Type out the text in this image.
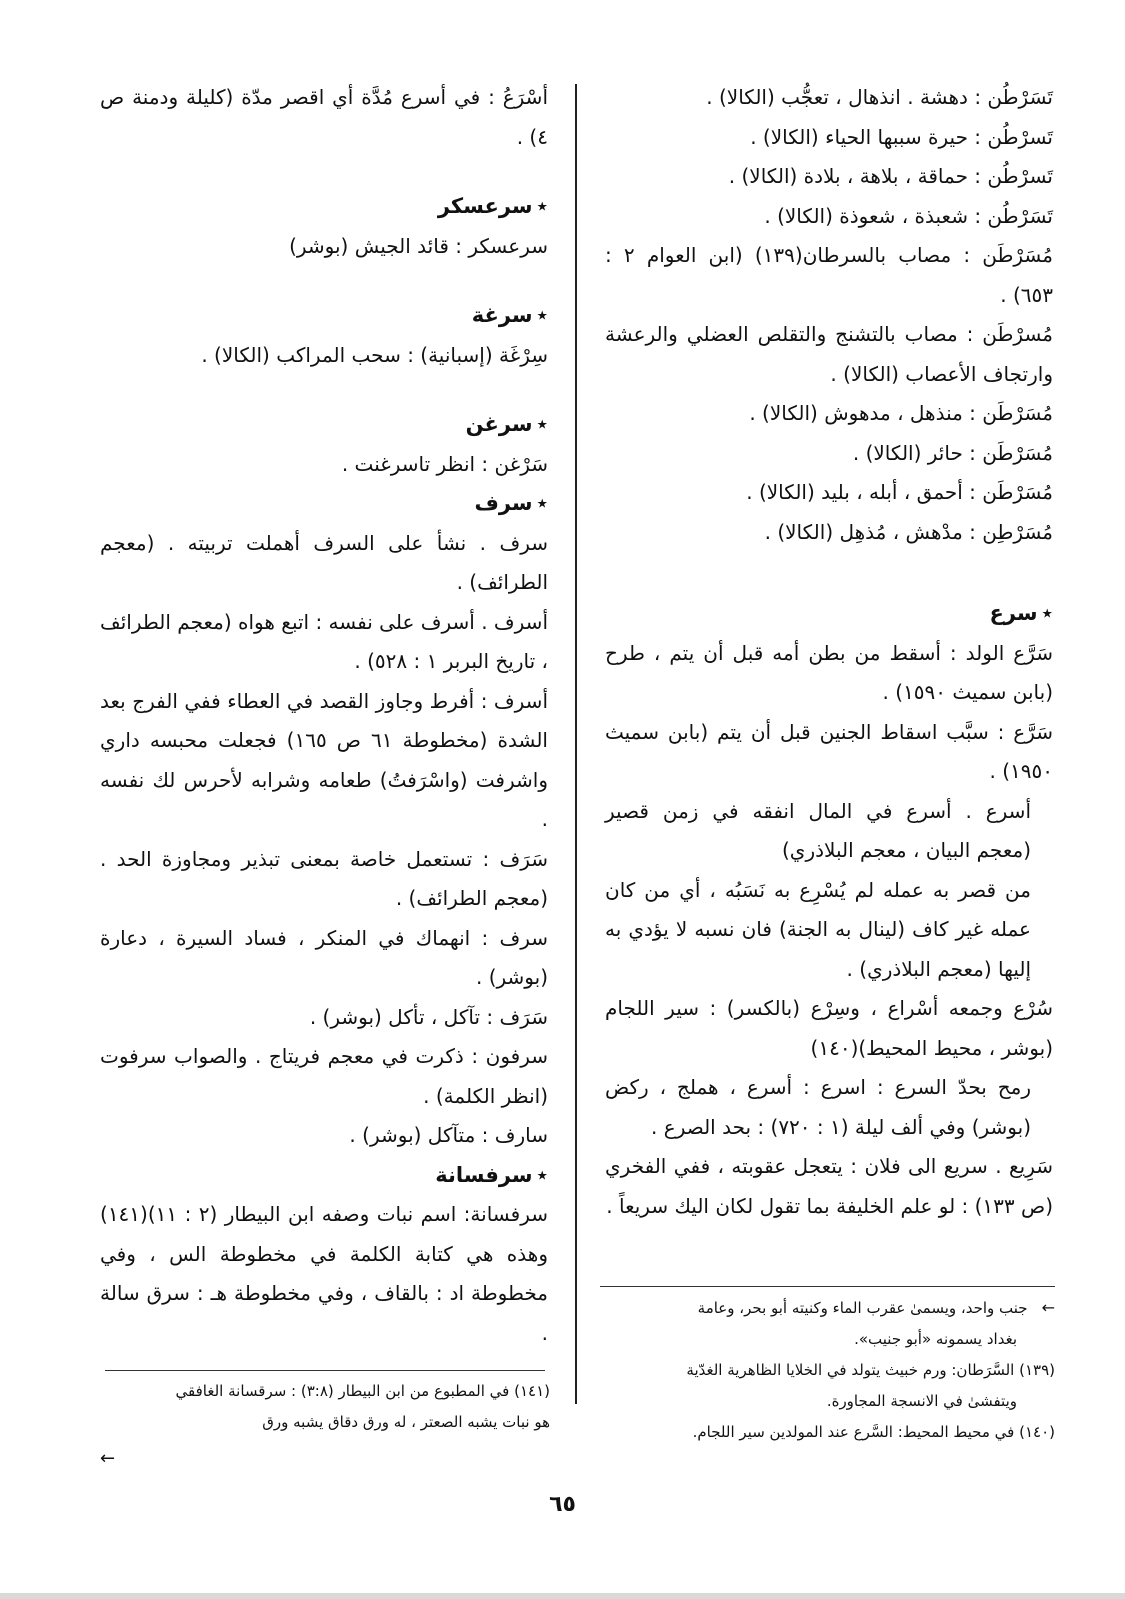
تَسَرْطُن : دهشة . انذهال ، تعجُّب (الكالا) .

تَسرْطُن : حيرة سببها الحياء (الكالا) .

تَسرْطُن : حماقة ، بلاهة ، بلادة (الكالا) .

تَسَرْطُن : شعبذة ، شعوذة (الكالا) .

مُسَرْطَن : مصاب بالسرطان(١٣٩) (ابن العوام ٢ : ٦٥٣) .

مُسرْطَن : مصاب بالتشنج والتقلص العضلي والرعشة وارتجاف الأعصاب (الكالا) .

مُسَرْطَن : منذهل ، مدهوش (الكالا) .

مُسَرْطَن : حائر (الكالا) .

مُسَرْطَن : أحمق ، أبله ، بليد (الكالا) .

مُسَرْطِن : مدْهش ، مُذهِل (الكالا) .

٭سرع

سَرَّع الولد : أسقط من بطن أمه قبل أن يتم ، طرح (بابن سميث ١٥٩٠) .

سَرَّع : سبَّب اسقاط الجنين قبل أن يتم (بابن سميث ١٩٥٠) .

أسرع . أسرع في المال انفقه في زمن قصير (معجم البيان ، معجم البلاذري)

من قصر به عمله لم يُسْرِع به نَسَبُه ، أي من كان عمله غير كاف (لينال به الجنة) فان نسبه لا يؤدي به إليها (معجم البلاذري) .

سُرْع وجمعه أسْراع ، وسِرْع (بالكسر) : سير اللجام (بوشر ، محيط المحيط)(١٤٠)

رمح بحدّ السرع : اسرع : أسرع ، هملج ، ركض (بوشر) وفي ألف ليلة (١ : ٧٢٠) : بحد الصرع .

سَرِيع . سريع الى فلان : يتعجل عقوبته ، ففي الفخري (ص ١٣٣) : لو علم الخليفة بما تقول لكان اليك سريعاً .

أسْرَعُ : في أسرع مُدَّة أي اقصر مدّة (كليلة ودمنة ص ٤) .

٭سرعسكر

سرعسكر : قائد الجيش (بوشر)

٭سرغة

سِرْغَة (إسبانية) : سحب المراكب (الكالا) .

٭سرغن

سَرْغن : انظر تاسرغنت .

٭سرف

سرف . نشأ على السرف أهملت تربيته . (معجم الطرائف) .

أسرف . أسرف على نفسه : اتبع هواه (معجم الطرائف ، تاريخ البربر ١ : ٥٢٨) .

أسرف : أفرط وجاوز القصد في العطاء ففي الفرج بعد الشدة (مخطوطة ٦١ ص ١٦٥) فجعلت محبسه داري واشرفت (واسْرَفتُ) طعامه وشرابه لأحرس لك نفسه .

سَرَف : تستعمل خاصة بمعنى تبذير ومجاوزة الحد . (معجم الطرائف) .

سرف : انهماك في المنكر ، فساد السيرة ، دعارة (بوشر) .

سَرَف : تآكل ، تأكل (بوشر) .

سرفون : ذكرت في معجم فريتاج . والصواب سرفوت (انظر الكلمة) .

سارف : متآكل (بوشر) .

٭سرفسانة

سرفسانة: اسم نبات وصفه ابن البيطار (٢ : ١١)(١٤١) وهذه هي كتابة الكلمة في مخطوطة الس ، وفي مخطوطة اد : بالقاف ، وفي مخطوطة هـ : سرق سالة .

←جنب واحد، ويسمىٰ عقرب الماء وكنيته أبو بحر، وعامة

بغداد يسمونه «أبو جنيب».

(١٣٩) السَّرَطان: ورم خبيث يتولد في الخلايا الظاهرية الغدّية

ويتفشىٰ في الانسجة المجاورة.

(١٤٠) في محيط المحيط: السَّرع عند المولدين سير اللجام.

(١٤١) في المطبوع من ابن البيطار (٣:٨) : سرقسانة الغافقي

هو نبات يشبه الصعتر ، له ورق دقاق يشبه ورق

←
٦٥
